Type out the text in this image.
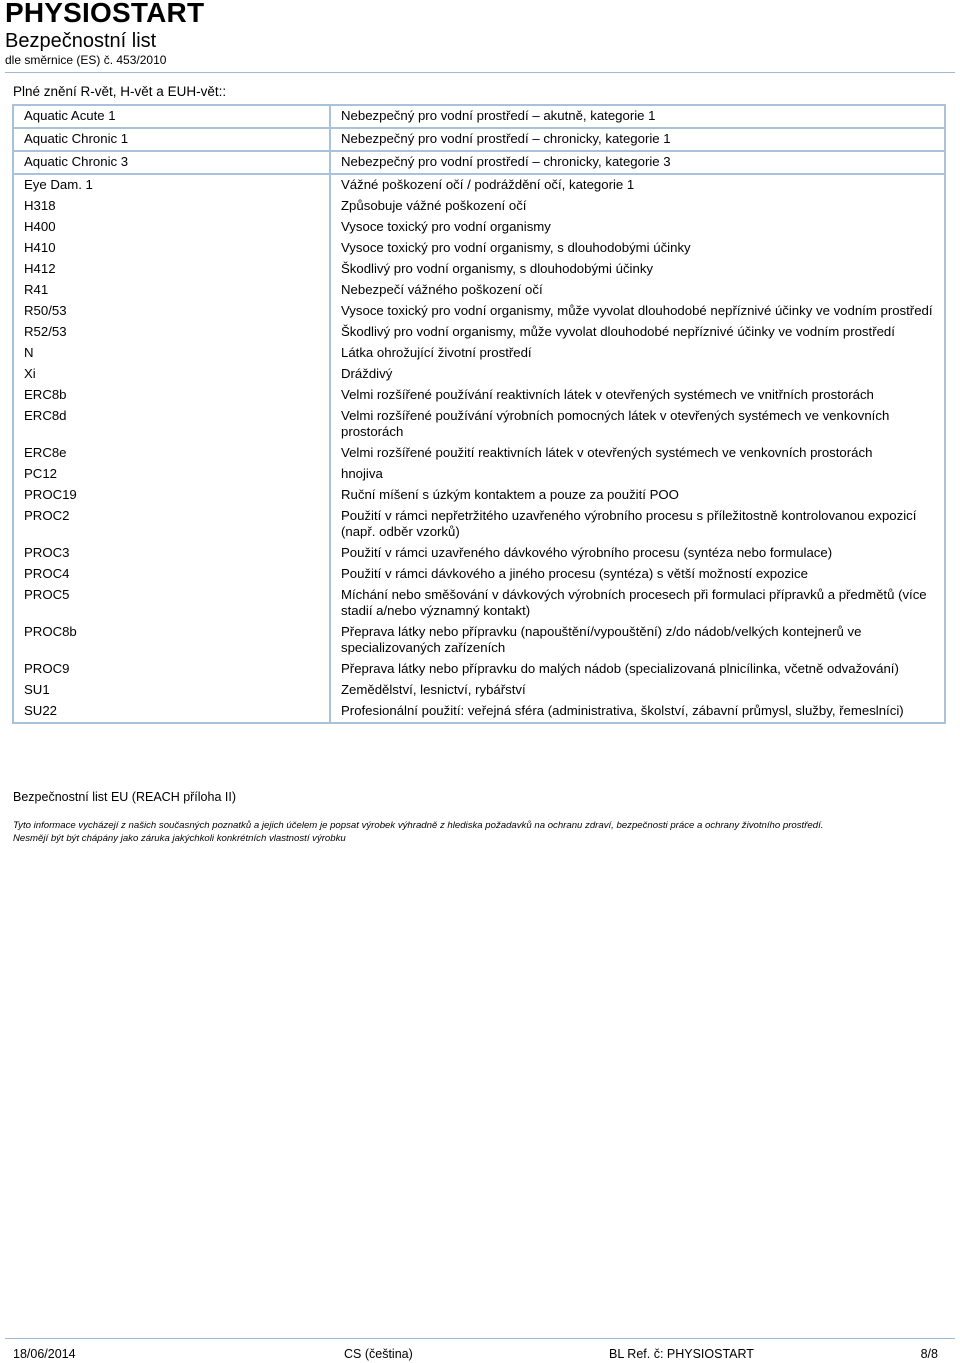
PHYSIOSTART
Bezpečnostní list
dle směrnice (ES) č. 453/2010
Plné znění R-vět, H-vět a EUH-vět::
Aquatic Acute 1	Nebezpečný pro vodní prostředí – akutně, kategorie 1
Aquatic Chronic 1	Nebezpečný pro vodní prostředí – chronicky, kategorie 1
Aquatic Chronic 3	Nebezpečný pro vodní prostředí – chronicky, kategorie 3
Eye Dam. 1	Vážné poškození očí / podráždění očí, kategorie 1
H318	Způsobuje vážné poškození očí
H400	Vysoce toxický pro vodní organismy
H410	Vysoce toxický pro vodní organismy, s dlouhodobými účinky
H412	Škodlivý pro vodní organismy, s dlouhodobými účinky
R41	Nebezpečí vážného poškození očí
R50/53	Vysoce toxický pro vodní organismy, může vyvolat dlouhodobé nepříznivé účinky ve vodním prostředí
R52/53	Škodlivý pro vodní organismy, může vyvolat dlouhodobé nepříznivé účinky ve vodním prostředí
N	Látka ohrožující životní prostředí
Xi	Dráždivý
ERC8b	Velmi rozšířené používání reaktivních látek v otevřených systémech ve vnitřních prostorách
ERC8d	Velmi rozšířené používání výrobních pomocných látek v otevřených systémech ve venkovních prostorách
ERC8e	Velmi rozšířené použití reaktivních látek v otevřených systémech ve venkovních prostorách
PC12	hnojiva
PROC19	Ruční míšení s úzkým kontaktem a pouze za použití POO
PROC2	Použití v rámci nepřetržitého uzavřeného výrobního procesu s příležitostně kontrolovanou expozicí (např. odběr vzorků)
PROC3	Použití v rámci uzavřeného dávkového výrobního procesu (syntéza nebo formulace)
PROC4	Použití v rámci dávkového a jiného procesu (syntéza) s větší možností expozice
PROC5	Míchání nebo směšování v dávkových výrobních procesech při formulaci přípravků a předmětů (více stadií a/nebo významný kontakt)
PROC8b	Přeprava látky nebo přípravku (napouštění/vypouštění) z/do nádob/velkých kontejnerů ve specializovaných zařízeních
PROC9	Přeprava látky nebo přípravku do malých nádob (specializovaná plnicílinka, včetně odvažování)
SU1	Zemědělství, lesnictví, rybářství
SU22	Profesionální použití: veřejná sféra (administrativa, školství, zábavní průmysl, služby, řemeslníci)
Bezpečnostní list EU (REACH příloha II)
Tyto informace vycházejí z našich současných poznatků a jejich účelem je popsat výrobek výhradně z hlediska požadavků na ochranu zdraví, bezpečnosti práce a ochrany životního prostředí.
Nesmějí být být chápány jako záruka jakýchkoli konkrétních vlastností výrobku
18/06/2014	CS (čeština)	BL Ref. č: PHYSIOSTART	8/8
